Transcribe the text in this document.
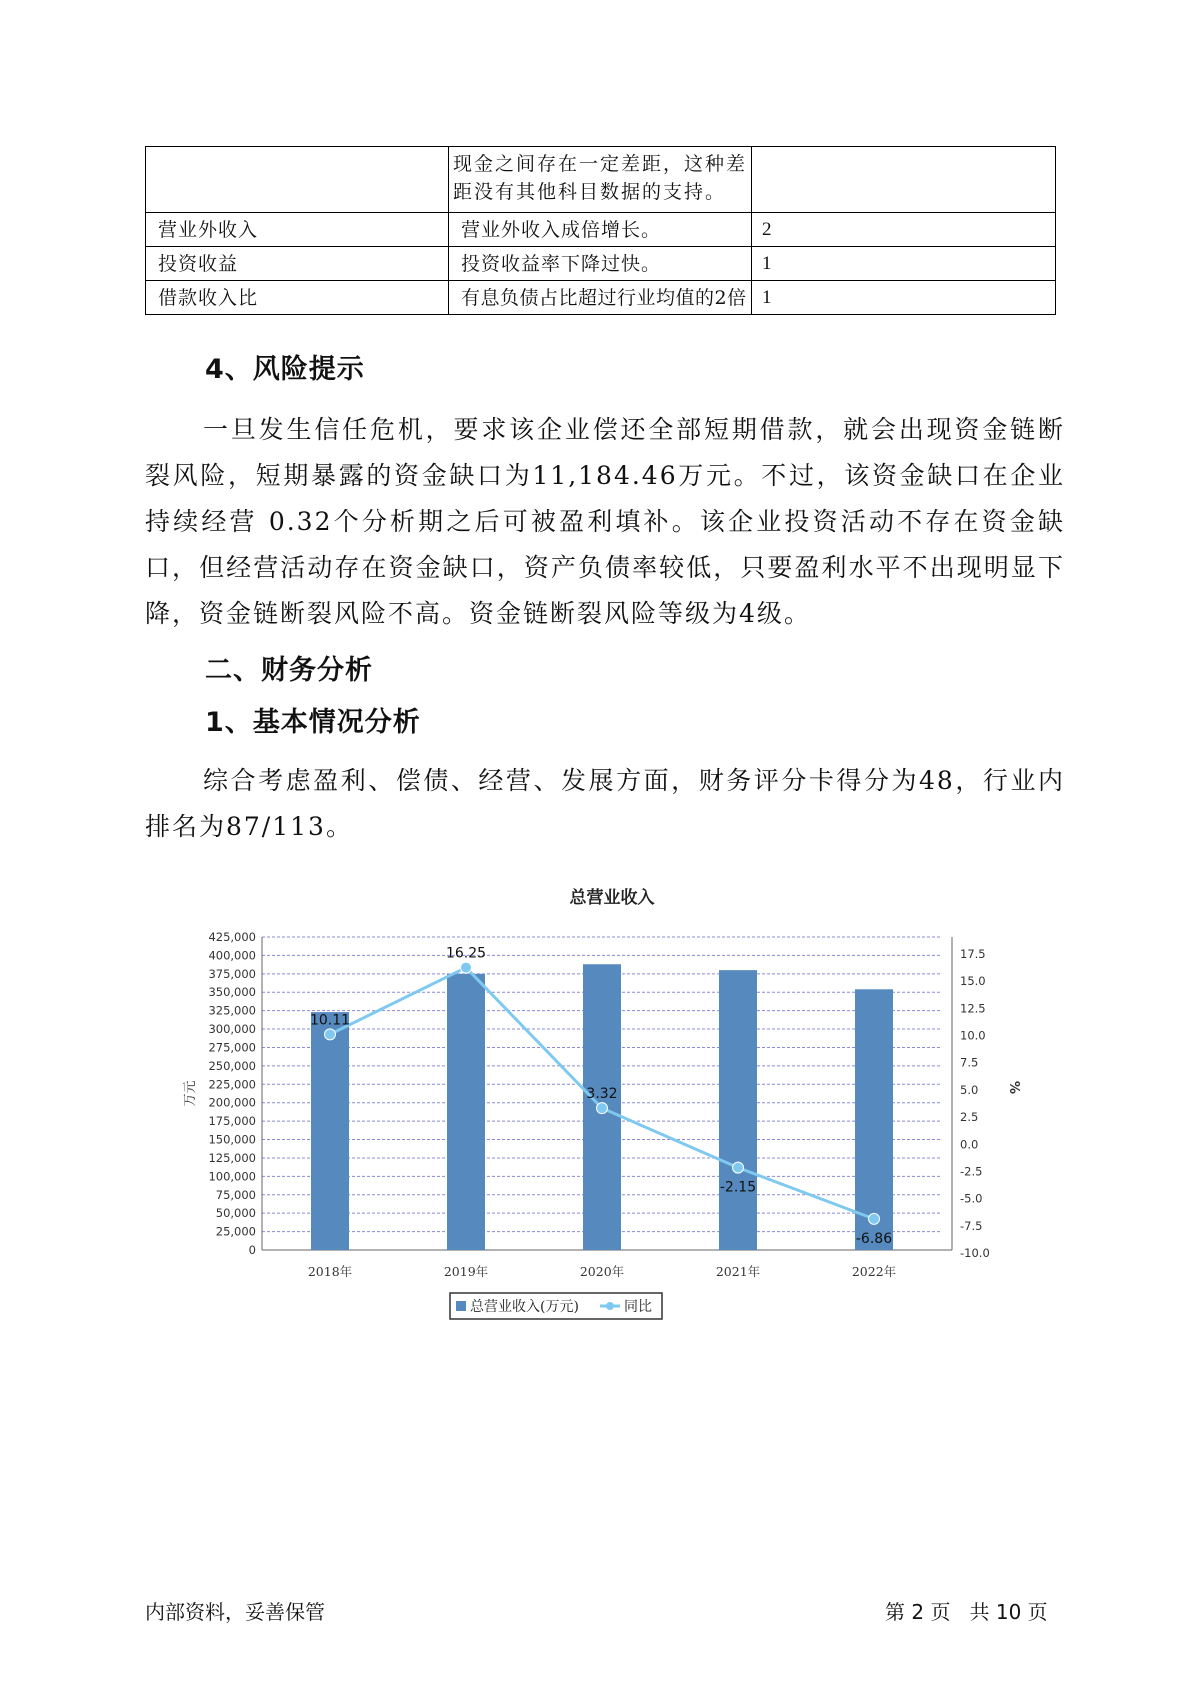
	现金之间存在一定差距，这种差距没有其他科目数据的支持。	
营业外收入	营业外收入成倍增长。	2
投资收益	投资收益率下降过快。	1
借款收入比	有息负债占比超过行业均值的2倍	1
4、风险提示
一旦发生信任危机，要求该企业偿还全部短期借款，就会出现资金链断裂风险，短期暴露的资金缺口为11,184.46万元。不过，该资金缺口在企业持续经营 0.32个分析期之后可被盈利填补。该企业投资活动不存在资金缺口，但经营活动存在资金缺口，资产负债率较低，只要盈利水平不出现明显下降，资金链断裂风险不高。资金链断裂风险等级为4级。
二、财务分析
1、基本情况分析
综合考虑盈利、偿债、经营、发展方面，财务评分卡得分为48，行业内排名为87/113。
总营业收入
0
25,000
50,000
75,000
100,000
125,000
150,000
175,000
200,000
225,000
250,000
275,000
300,000
325,000
350,000
375,000
400,000
425,000
-10.0
-7.5
-5.0
-2.5
0.0
2.5
5.0
7.5
10.0
12.5
15.0
17.5
万元	%
2018年	2019年	2020年	2021年	2022年
10.11
16.25
3.32
-2.15
-6.86
总营业收入(万元)	同比
内部资料，妥善保管	第 2 页   共 10 页
